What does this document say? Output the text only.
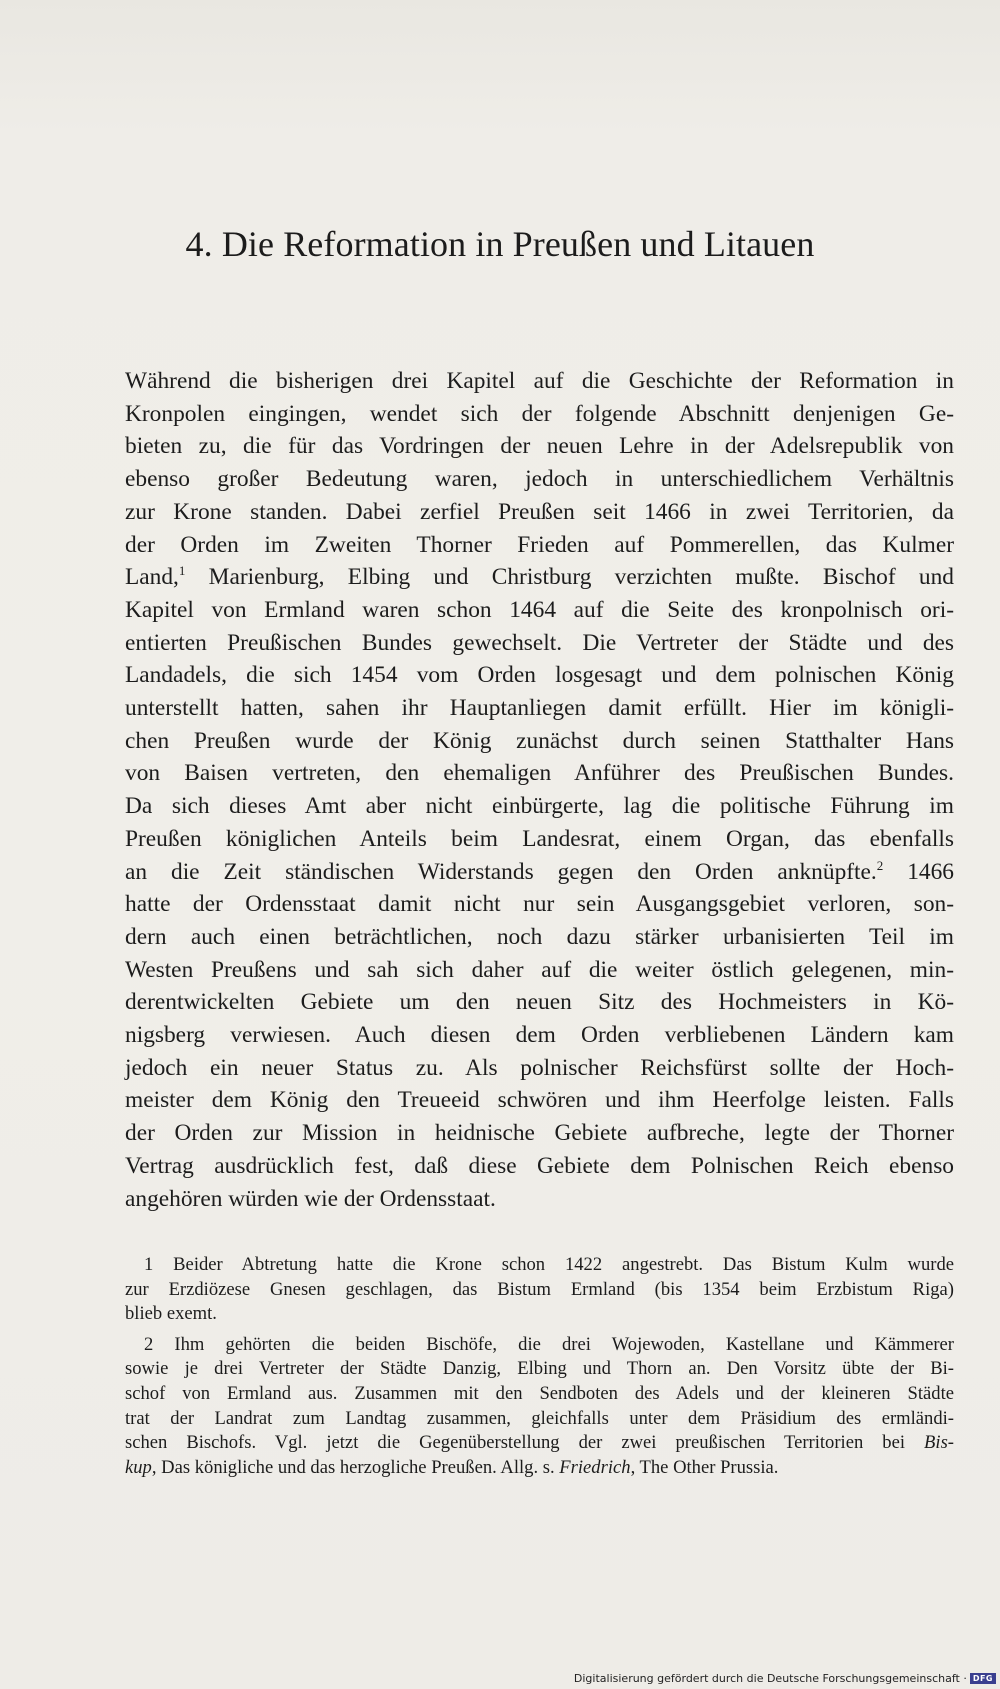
4. Die Reformation in Preußen und Litauen
Während die bisherigen drei Kapitel auf die Geschichte der Reformation in
Kronpolen eingingen, wendet sich der folgende Abschnitt denjenigen Ge-
bieten zu, die für das Vordringen der neuen Lehre in der Adelsrepublik von
ebenso großer Bedeutung waren, jedoch in unterschiedlichem Verhältnis
zur Krone standen. Dabei zerfiel Preußen seit 1466 in zwei Territorien, da
der Orden im Zweiten Thorner Frieden auf Pommerellen, das Kulmer
Land,$^1$ Marienburg, Elbing und Christburg verzichten mußte. Bischof und
Kapitel von Ermland waren schon 1464 auf die Seite des kronpolnisch ori-
entierten Preußischen Bundes gewechselt. Die Vertreter der Städte und des
Landadels, die sich 1454 vom Orden losgesagt und dem polnischen König
unterstellt hatten, sahen ihr Hauptanliegen damit erfüllt. Hier im königli-
chen Preußen wurde der König zunächst durch seinen Statthalter Hans
von Baisen vertreten, den ehemaligen Anführer des Preußischen Bundes.
Da sich dieses Amt aber nicht einbürgerte, lag die politische Führung im
Preußen königlichen Anteils beim Landesrat, einem Organ, das ebenfalls
an die Zeit ständischen Widerstands gegen den Orden anknüpfte.$^2$ 1466
hatte der Ordensstaat damit nicht nur sein Ausgangsgebiet verloren, son-
dern auch einen beträchtlichen, noch dazu stärker urbanisierten Teil im
Westen Preußens und sah sich daher auf die weiter östlich gelegenen, min-
derentwickelten Gebiete um den neuen Sitz des Hochmeisters in Kö-
nigsberg verwiesen. Auch diesen dem Orden verbliebenen Ländern kam
jedoch ein neuer Status zu. Als polnischer Reichsfürst sollte der Hoch-
meister dem König den Treueeid schwören und ihm Heerfolge leisten. Falls
der Orden zur Mission in heidnische Gebiete aufbreche, legte der Thorner
Vertrag ausdrücklich fest, daß diese Gebiete dem Polnischen Reich ebenso
angehören würden wie der Ordensstaat.
1 Beider Abtretung hatte die Krone schon 1422 angestrebt. Das Bistum Kulm wurde
zur Erzdiözese Gnesen geschlagen, das Bistum Ermland (bis 1354 beim Erzbistum Riga)
blieb exemt.
2 Ihm gehörten die beiden Bischöfe, die drei Wojewoden, Kastellane und Kämmerer
sowie je drei Vertreter der Städte Danzig, Elbing und Thorn an. Den Vorsitz übte der Bi-
schof von Ermland aus. Zusammen mit den Sendboten des Adels und der kleineren Städte
trat der Landrat zum Landtag zusammen, gleichfalls unter dem Präsidium des ermländi-
schen Bischofs. Vgl. jetzt die Gegenüberstellung der zwei preußischen Territorien bei Bis-
kup, Das königliche und das herzogliche Preußen. Allg. s. Friedrich, The Other Prussia.
Digitalisierung gefördert durch die Deutsche Forschungsgemeinschaft · DFG
